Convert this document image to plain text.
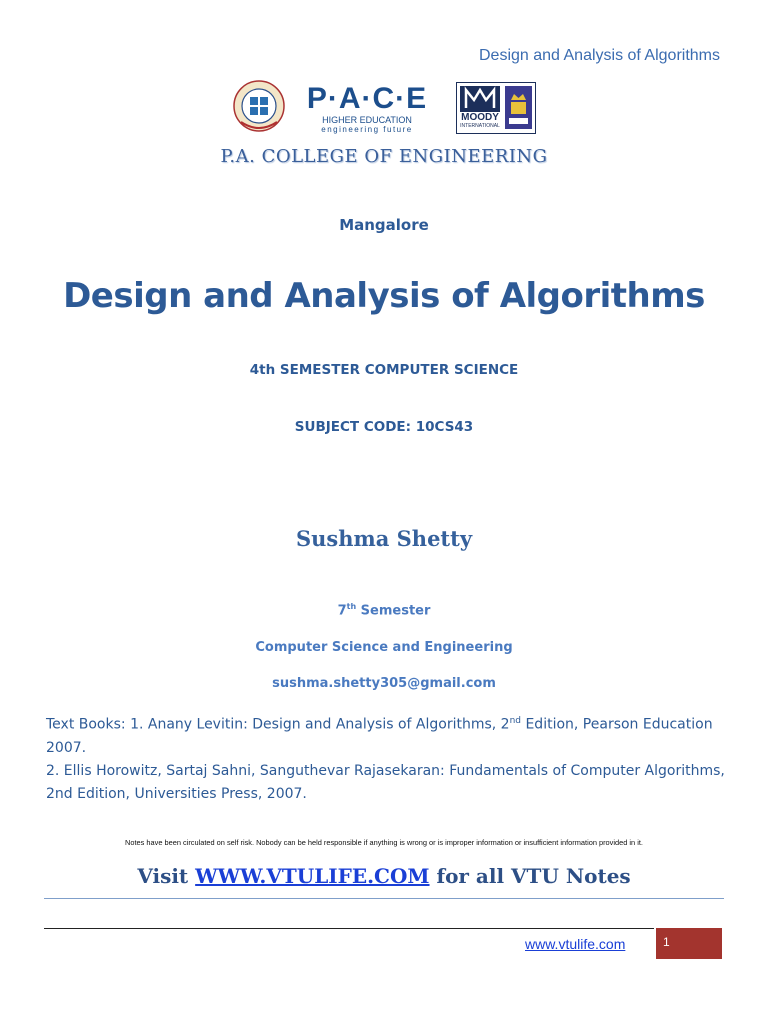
Design and Analysis of Algorithms
P·A·C·E
HIGHER EDUCATION
engineering future
MOODY
INTERNATIONAL
P.A. COLLEGE OF ENGINEERING
Mangalore
Design and Analysis of Algorithms
4th SEMESTER COMPUTER SCIENCE
SUBJECT CODE: 10CS43
Sushma Shetty
7th Semester
Computer Science and Engineering
sushma.shetty305@gmail.com

Text Books: 1. Anany Levitin: Design and Analysis of Algorithms, 2nd Edition, Pearson Education 2007.

2. Ellis Horowitz, Sartaj Sahni, Sanguthevar Rajasekaran: Fundamentals of Computer Algorithms, 2nd Edition, Universities Press, 2007.

Notes have been circulated on self risk. Nobody can be held responsible if anything is wrong or is improper information or insufficient information provided in it.
Visit WWW.VTULIFE.COM for all VTU Notes
www.vtulife.com	1
